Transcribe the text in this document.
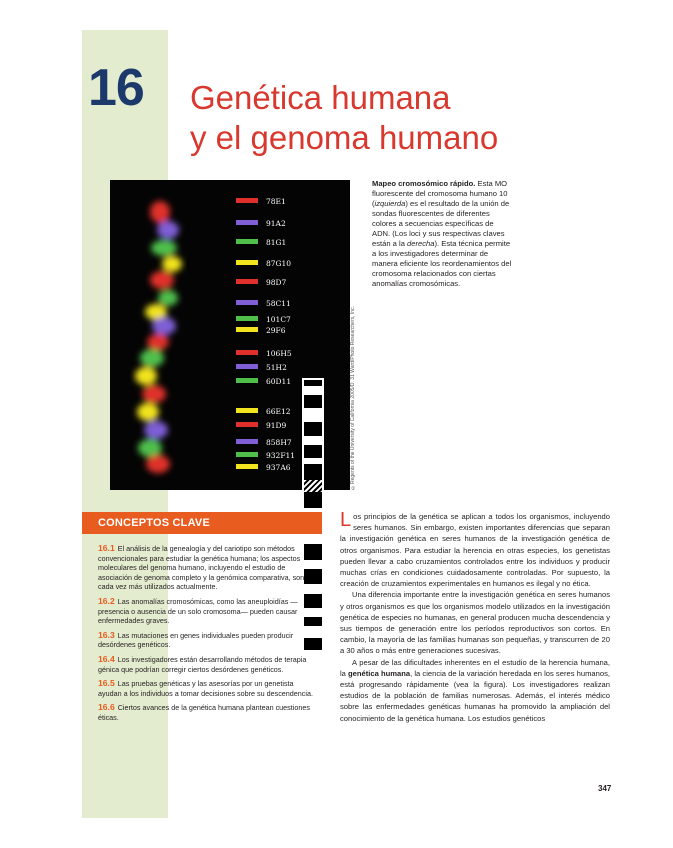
16 Genética humana
y el genoma humano
78E1
91A2
81G1
87G10
98D7
58C11
101C7
29F6
106H5
51H2
60D11
66E12
91D9
858H7
932F11
937A6	©Regents of the University of California 2005/D. 31 Ward/Photo Researchers, Inc.
Mapeo cromosómico rápido. Esta MO fluorescente del cromosoma humano 10 (izquierda) es el resultado de la unión de sondas fluorescentes de diferentes colores a secuencias específicas de ADN. (Los loci y sus respectivas claves están a la derecha). Esta técnica permite a los investigadores determinar de manera eficiente los reordenamientos del cromosoma relacionados con ciertas anomalías cromosómicas.
CONCEPTOS CLAVE
16.1 El análisis de la genealogía y del cariotipo son métodos convencionales para estudiar la genética humana; los aspectos moleculares del genoma humano, incluyendo el estudio de asociación de genoma completo y la genómica comparativa, son cada vez más utilizados actualmente.
16.2 Las anomalías cromosómicas, como las aneuploidías —presencia o ausencia de un solo cromosoma— pueden causar enfermedades graves.
16.3 Las mutaciones en genes individuales pueden producir desórdenes genéticos.
16.4 Los investigadores están desarrollando métodos de terapia génica que podrían corregir ciertos desórdenes genéticos.
16.5 Las pruebas genéticas y las asesorías por un genetista ayudan a los individuos a tomar decisiones sobre su descendencia.
16.6 Ciertos avances de la genética humana plantean cuestiones éticas.

Los principios de la genética se aplican a todos los organismos, incluyendo seres humanos. Sin embargo, existen importantes diferencias que separan la investigación genética en seres humanos de la investigación genética de otros organismos. Para estudiar la herencia en otras especies, los genetistas pueden llevar a cabo cruzamientos controlados entre los individuos y producir muchas crías en condiciones cuidadosamente controladas. Por supuesto, la creación de cruzamientos experimentales en humanos es ilegal y no ética.

Una diferencia importante entre la investigación genética en seres humanos y otros organismos es que los organismos modelo utilizados en la investigación genética de especies no humanas, en general producen mucha descendencia y sus tiempos de generación entre los períodos reproductivos son cortos. En cambio, la mayoría de las familias humanas son pequeñas, y transcurren de 20 a 30 años o más entre generaciones sucesivas.

A pesar de las dificultades inherentes en el estudio de la herencia humana, la genética humana, la ciencia de la variación heredada en los seres humanos, está progresando rápidamente (vea la figura). Los investigadores realizan estudios de la población de familias numerosas. Además, el interés médico sobre las enfermedades genéticas humanas ha promovido la ampliación del conocimiento de la genética humana. Los estudios genéticos

347
